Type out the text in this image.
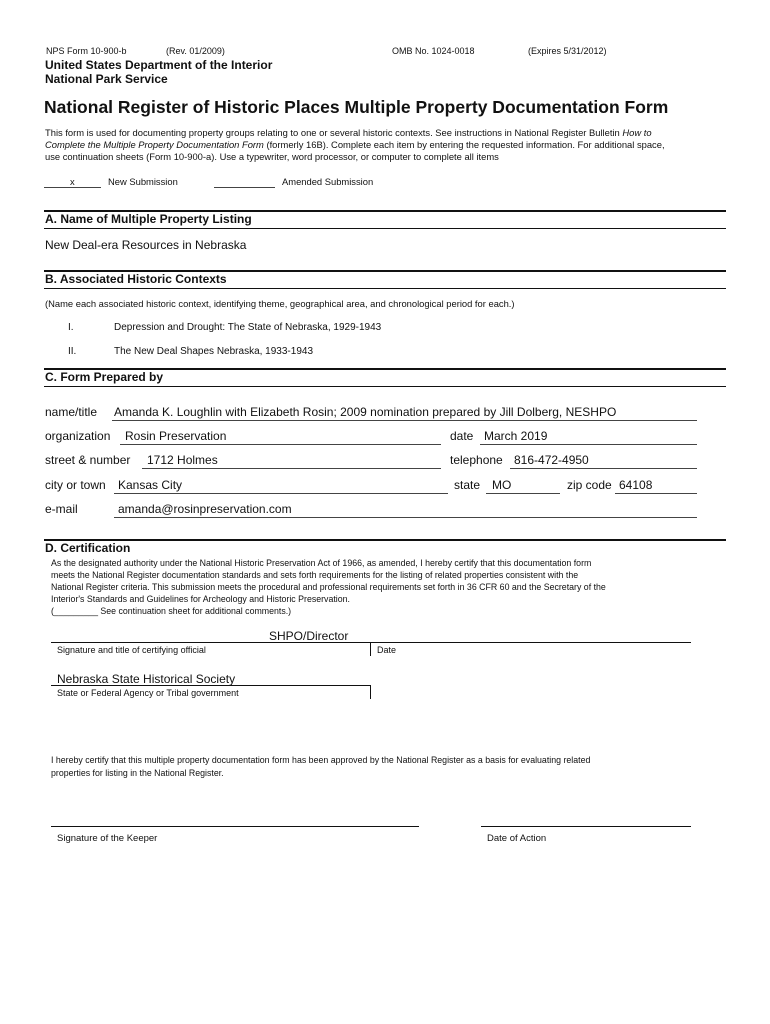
NPS Form 10-900-b	(Rev. 01/2009)	OMB No. 1024-0018	(Expires 5/31/2012)
United States Department of the Interior
National Park Service
National Register of Historic Places Multiple Property Documentation Form
This form is used for documenting property groups relating to one or several historic contexts. See instructions in National Register Bulletin How to
Complete the Multiple Property Documentation Form (formerly 16B). Complete each item by entering the requested information. For additional space,
use continuation sheets (Form 10-900-a). Use a typewriter, word processor, or computer to complete all items
x	New Submission	Amended Submission
A. Name of Multiple Property Listing
New Deal-era Resources in Nebraska
B. Associated Historic Contexts
(Name each associated historic context, identifying theme, geographical area, and chronological period for each.)
I.	Depression and Drought: The State of Nebraska, 1929-1943
II.	The New Deal Shapes Nebraska, 1933-1943
C. Form Prepared by
name/title Amanda K. Loughlin with Elizabeth Rosin; 2009 nomination prepared by Jill Dolberg, NESHPO
organization Rosin Preservation	date March 2019
street & number 1712 Holmes	telephone 816-472-4950
city or town Kansas City	state MO	zip code 64108
e-mail	amanda@rosinpreservation.com
D. Certification
As the designated authority under the National Historic Preservation Act of 1966, as amended, I hereby certify that this documentation form
meets the National Register documentation standards and sets forth requirements for the listing of related properties consistent with the
National Register criteria. This submission meets the procedural and professional requirements set forth in 36 CFR 60 and the Secretary of the
Interior's Standards and Guidelines for Archeology and Historic Preservation.
(_________ See continuation sheet for additional comments.)
SHPO/Director
Signature and title of certifying official	Date
Nebraska State Historical Society
State or Federal Agency or Tribal government
I hereby certify that this multiple property documentation form has been approved by the National Register as a basis for evaluating related
properties for listing in the National Register.
Signature of the Keeper	Date of Action
